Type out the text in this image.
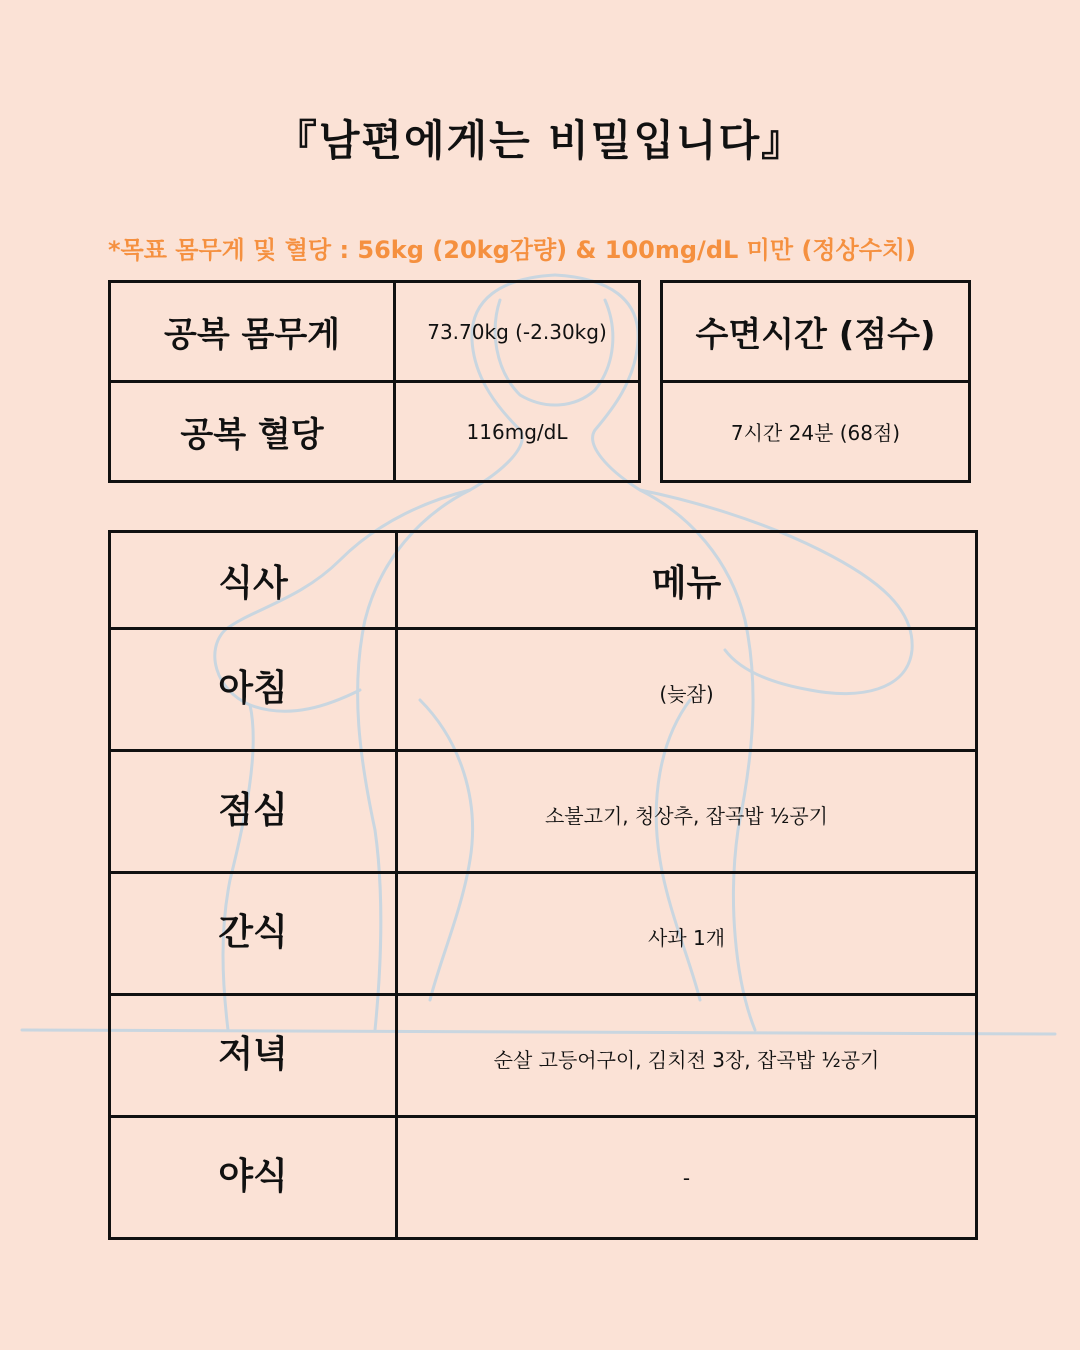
『남편에게는 비밀입니다』
*목표 몸무게 및 혈당 : 56kg (20kg감량) & 100mg/dL 미만 (정상수치)
공복 몸무게	73.70kg (-2.30kg)
공복 혈당	116mg/dL
수면시간 (점수)
7시간 24분 (68점)
식사	메뉴
아침	(늦잠)
점심	소불고기, 청상추, 잡곡밥 ½공기
간식	사과 1개
저녁	순살 고등어구이, 김치전 3장, 잡곡밥 ½공기
야식	-
